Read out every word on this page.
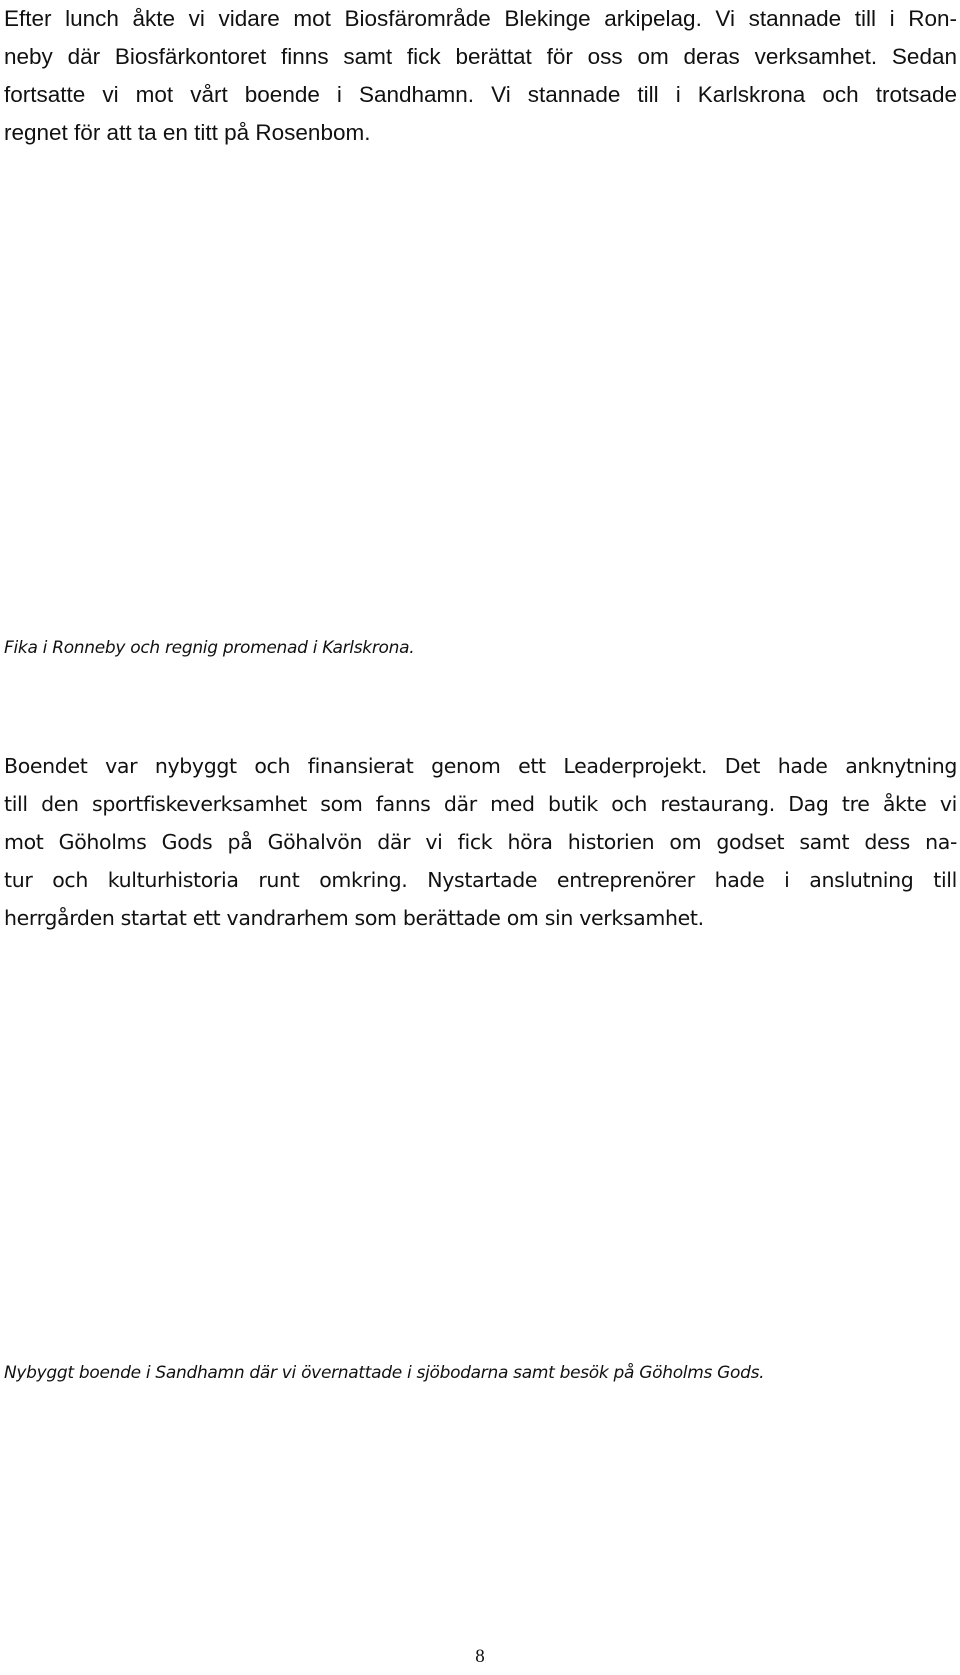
Efter lunch åkte vi vidare mot Biosfärområde Blekinge arkipelag. Vi stannade till i Ron-
neby där Biosfärkontoret finns samt fick berättat för oss om deras verksamhet. Sedan
fortsatte vi mot vårt boende i Sandhamn. Vi stannade till i Karlskrona och trotsade
regnet för att ta en titt på Rosenbom.

Fika i Ronneby och regnig promenad i Karlskrona.

Boendet var nybyggt och finansierat genom ett Leaderprojekt. Det hade anknytning
till den sportfiskeverksamhet som fanns där med butik och restaurang. Dag tre åkte vi
mot Göholms Gods på Göhalvön där vi fick höra historien om godset samt dess na-
tur och kulturhistoria runt omkring. Nystartade entreprenörer hade i anslutning till
herrgården startat ett vandrarhem som berättade om sin verksamhet.

Nybyggt boende i Sandhamn där vi övernattade i sjöbodarna samt besök på Göholms Gods.

8
